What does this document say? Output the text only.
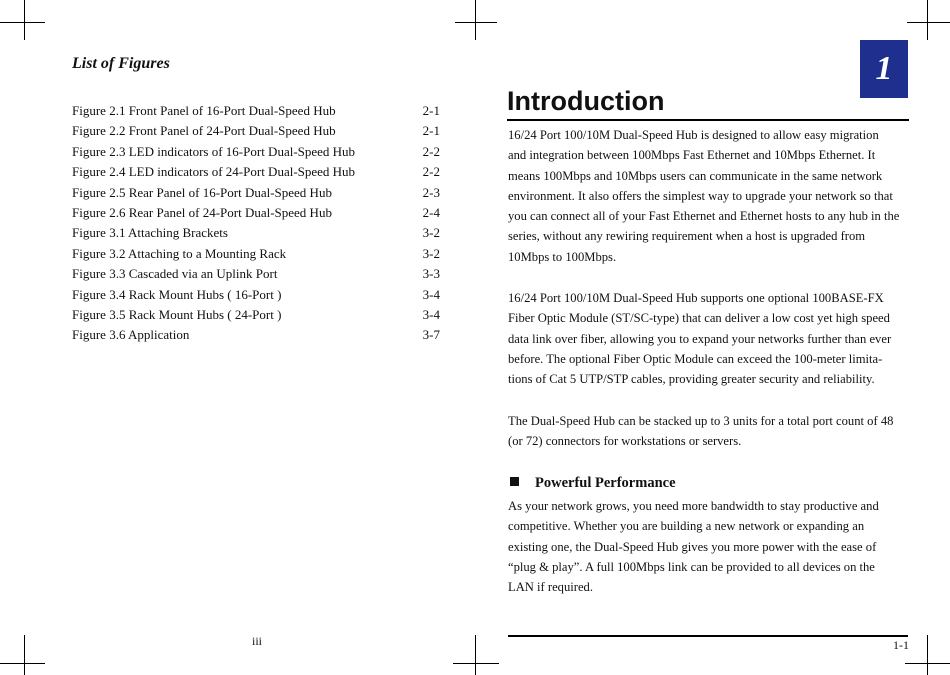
List of Figures
Figure 2.1 Front Panel of 16-Port Dual-Speed Hub	2-1
Figure 2.2 Front Panel of 24-Port Dual-Speed Hub	2-1
Figure 2.3 LED indicators of 16-Port Dual-Speed Hub	2-2
Figure 2.4 LED indicators of 24-Port Dual-Speed Hub	2-2
Figure 2.5 Rear Panel of 16-Port Dual-Speed Hub	2-3
Figure 2.6 Rear Panel of 24-Port Dual-Speed Hub	2-4
Figure 3.1 Attaching Brackets	3-2
Figure 3.2 Attaching to a Mounting Rack	3-2
Figure 3.3 Cascaded via an Uplink Port	3-3
Figure 3.4 Rack Mount Hubs ( 16-Port )	3-4
Figure 3.5 Rack Mount Hubs ( 24-Port )	3-4
Figure 3.6 Application	3-7
iii
1
Introduction
16/24 Port 100/10M Dual-Speed Hub is designed to allow easy migration
and integration between 100Mbps Fast Ethernet and 10Mbps Ethernet. It
means 100Mbps and 10Mbps users can communicate in the same network
environment. It also offers the simplest way to upgrade your network so that
you can connect all of your Fast Ethernet and Ethernet hosts to any hub in the
series, without any rewiring requirement when a host is upgraded from
10Mbps to 100Mbps.
16/24 Port 100/10M Dual-Speed Hub supports one optional 100BASE-FX
Fiber Optic Module (ST/SC-type) that can deliver a low cost yet high speed
data link over fiber, allowing you to expand your networks further than ever
before. The optional Fiber Optic Module can exceed the 100-meter limita-
tions of Cat 5 UTP/STP cables, providing greater security and reliability.
The Dual-Speed Hub can be stacked up to 3 units for a total port count of 48
(or 72) connectors for workstations or servers.
Powerful Performance
As your network grows, you need more bandwidth to stay productive and
competitive. Whether you are building a new network or expanding an
existing one, the Dual-Speed Hub gives you more power with the ease of
“plug & play”. A full 100Mbps link can be provided to all devices on the
LAN if required.
1-1
